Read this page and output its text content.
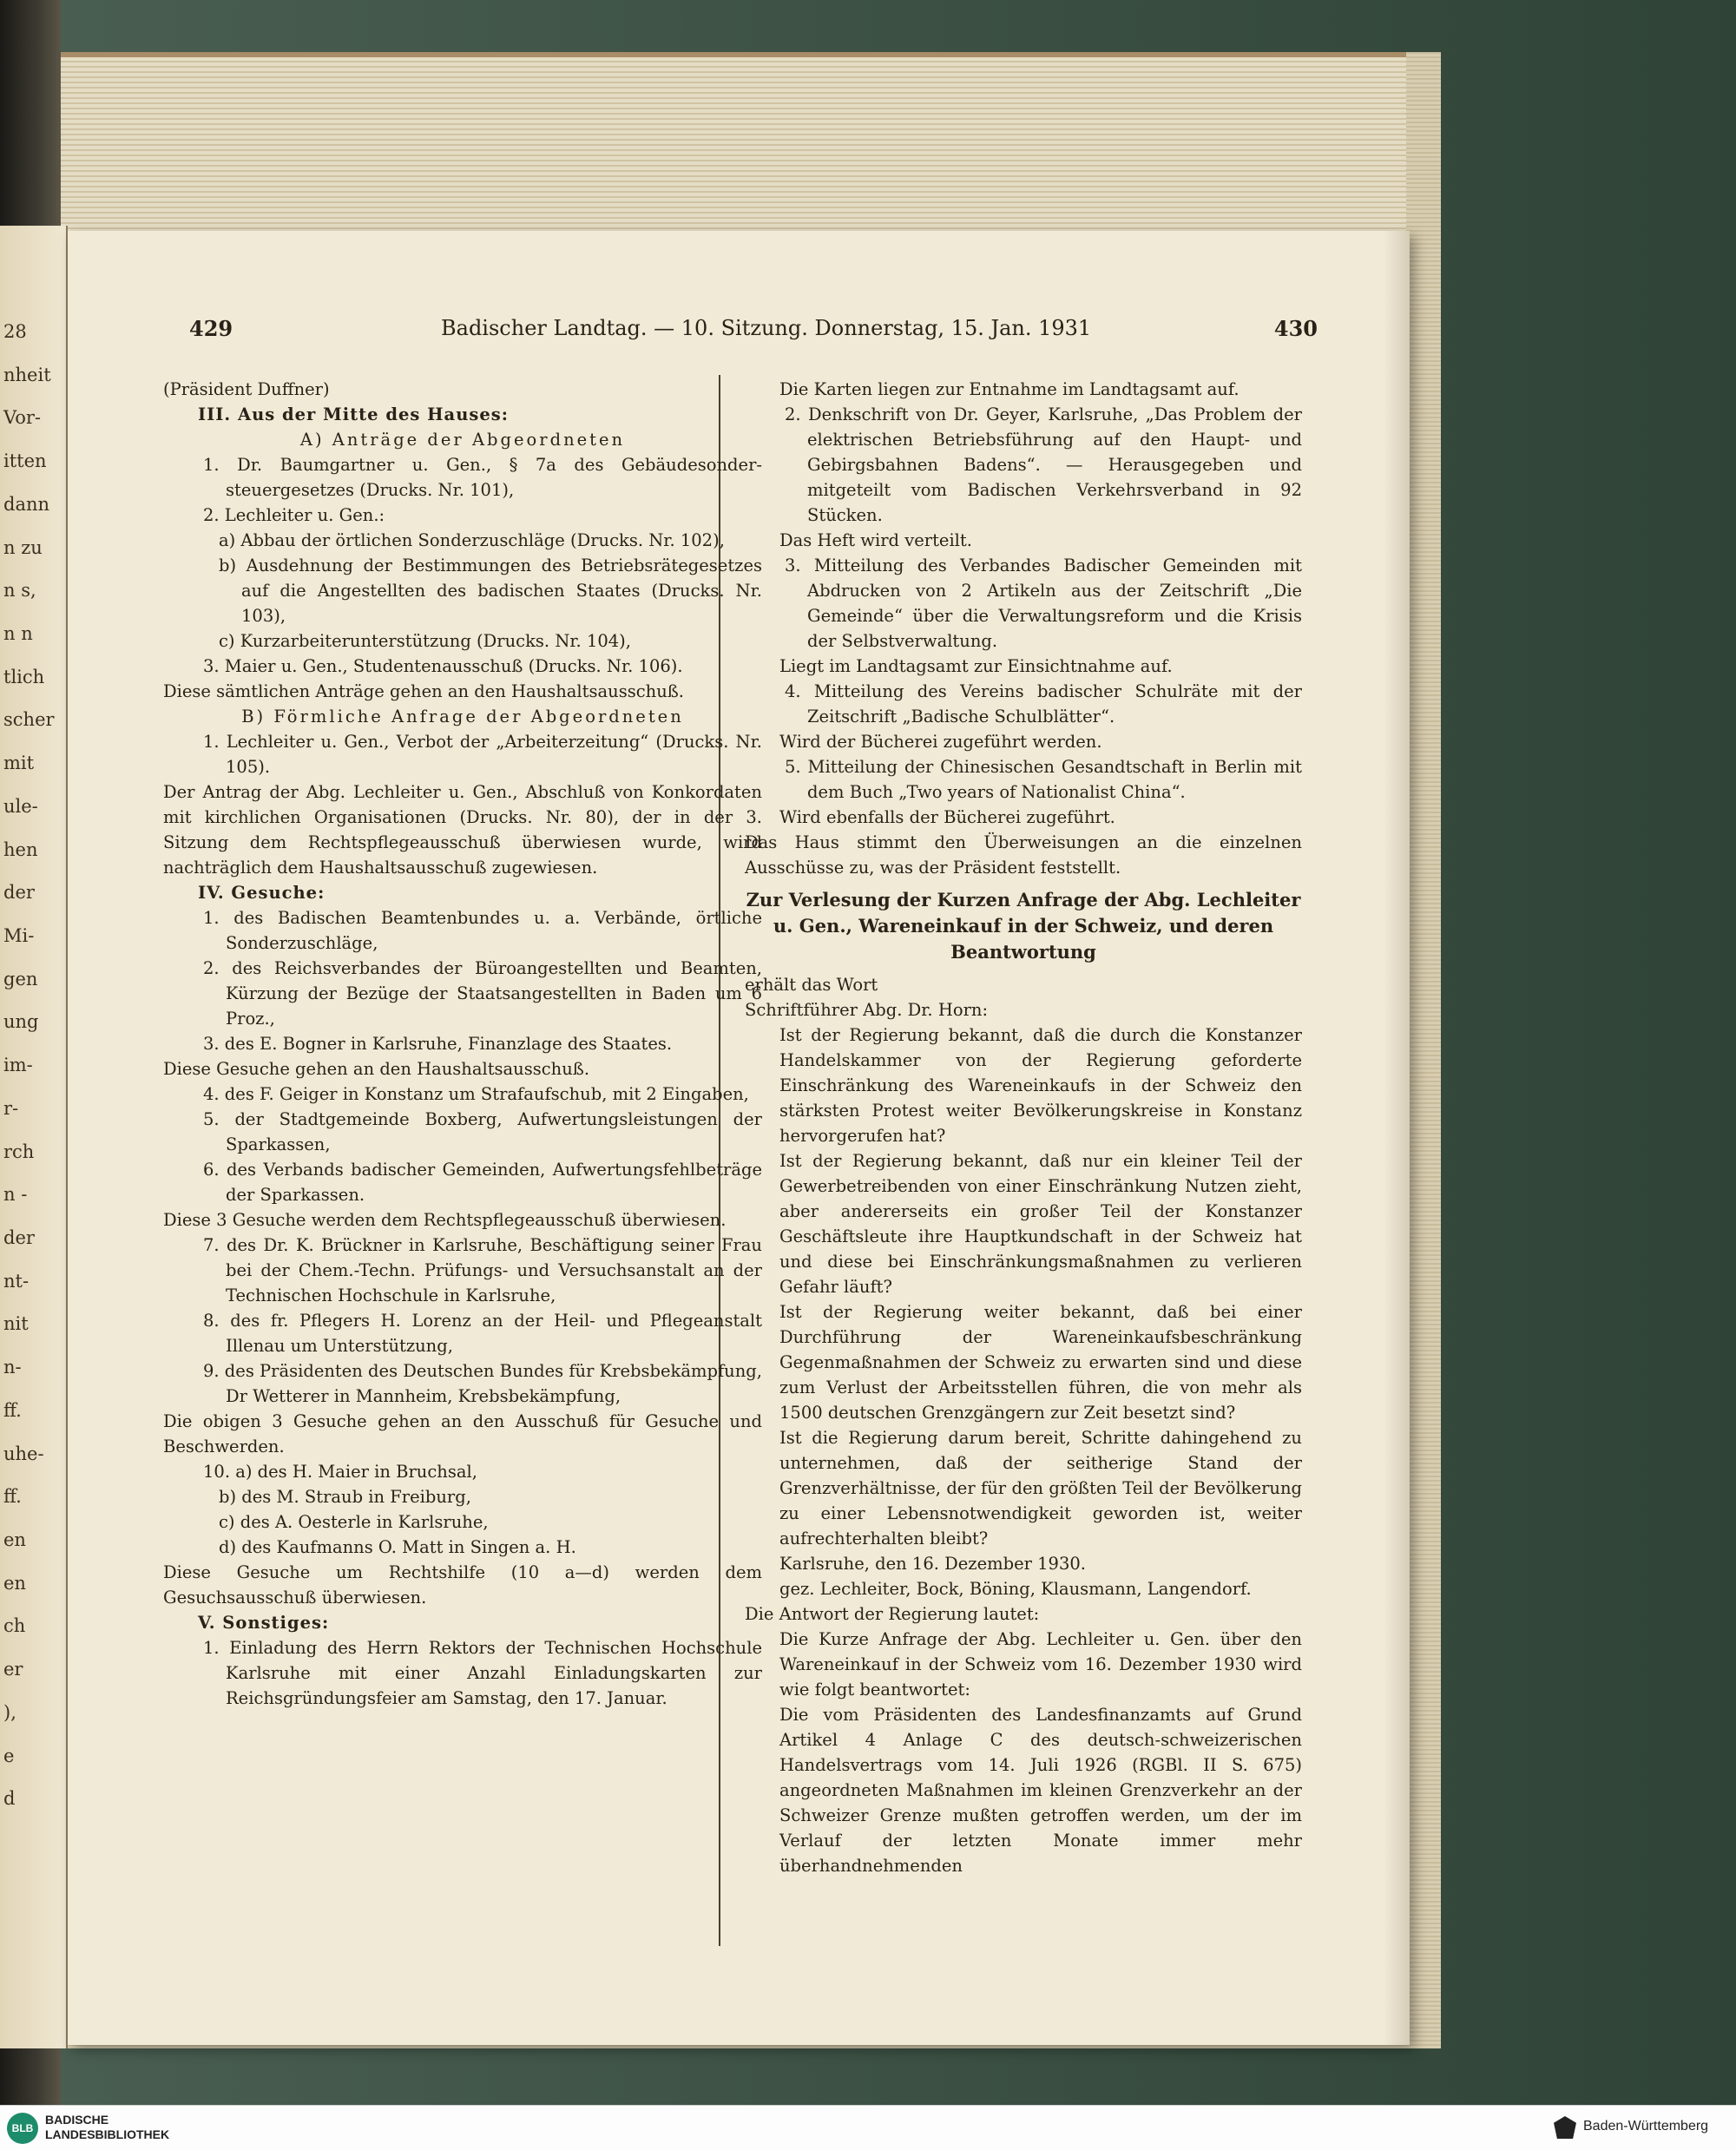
28
nheit
Vor-
itten
dann
n zu
n s,
n n
tlich
scher
mit
ule-
hen
der
Mi-
gen
ung
im-
r-
rch
n -
der
nt-
nit
n-
ff.
uhe-
ff.
en
en
ch
er
),
e
d
429	Badischer Landtag. — 10. Sitzung. Donnerstag, 15. Jan. 1931	430

(Präsident Duffner)

III. Aus der Mitte des Hauses:

A) Anträge der Abgeordneten

1. Dr. Baumgartner u. Gen., § 7a des Gebäudesondersteuergesetzes (Drucks. Nr. 101),

2. Lechleiter u. Gen.:

a) Abbau der örtlichen Sonderzuschläge (Drucks. Nr. 102),

b) Ausdehnung der Bestimmungen des Betriebsrätegesetzes auf die Angestellten des badischen Staates (Drucks. Nr. 103),

c) Kurzarbeiterunterstützung (Drucks. Nr. 104),

3. Maier u. Gen., Studentenausschuß (Drucks. Nr. 106).

Diese sämtlichen Anträge gehen an den Haushaltsausschuß.

B) Förmliche Anfrage der Abgeordneten

1. Lechleiter u. Gen., Verbot der „Arbeiterzeitung“ (Drucks. Nr. 105).

Der Antrag der Abg. Lechleiter u. Gen., Abschluß von Konkordaten mit kirchlichen Organisationen (Drucks. Nr. 80), der in der 3. Sitzung dem Rechtspflegeausschuß überwiesen wurde, wird nachträglich dem Haushaltsausschuß zugewiesen.

IV. Gesuche:

1. des Badischen Beamtenbundes u. a. Verbände, örtliche Sonderzuschläge,

2. des Reichsverbandes der Büroangestellten und Beamten, Kürzung der Bezüge der Staatsangestellten in Baden um 6 Proz.,

3. des E. Bogner in Karlsruhe, Finanzlage des Staates.

Diese Gesuche gehen an den Haushaltsausschuß.

4. des F. Geiger in Konstanz um Strafaufschub, mit 2 Eingaben,

5. der Stadtgemeinde Boxberg, Aufwertungsleistungen der Sparkassen,

6. des Verbands badischer Gemeinden, Aufwertungsfehlbeträge der Sparkassen.

Diese 3 Gesuche werden dem Rechtspflegeausschuß überwiesen.

7. des Dr. K. Brückner in Karlsruhe, Beschäftigung seiner Frau bei der Chem.-Techn. Prüfungs- und Versuchsanstalt an der Technischen Hochschule in Karlsruhe,

8. des fr. Pflegers H. Lorenz an der Heil- und Pflegeanstalt Illenau um Unterstützung,

9. des Präsidenten des Deutschen Bundes für Krebsbekämpfung, Dr Wetterer in Mannheim, Krebsbekämpfung,

Die obigen 3 Gesuche gehen an den Ausschuß für Gesuche und Beschwerden.

10. a) des H. Maier in Bruchsal,

b) des M. Straub in Freiburg,

c) des A. Oesterle in Karlsruhe,

d) des Kaufmanns O. Matt in Singen a. H.

Diese Gesuche um Rechtshilfe (10 a—d) werden dem Gesuchsausschuß überwiesen.

V. Sonstiges:

1. Einladung des Herrn Rektors der Technischen Hochschule Karlsruhe mit einer Anzahl Einladungskarten zur Reichsgründungsfeier am Samstag, den 17. Januar.

Die Karten liegen zur Entnahme im Landtagsamt auf.

2. Denkschrift von Dr. Geyer, Karlsruhe, „Das Problem der elektrischen Betriebsführung auf den Haupt- und Gebirgsbahnen Badens“. — Herausgegeben und mitgeteilt vom Badischen Verkehrsverband in 92 Stücken.

Das Heft wird verteilt.

3. Mitteilung des Verbandes Badischer Gemeinden mit Abdrucken von 2 Artikeln aus der Zeitschrift „Die Gemeinde“ über die Verwaltungsreform und die Krisis der Selbstverwaltung.

Liegt im Landtagsamt zur Einsichtnahme auf.

4. Mitteilung des Vereins badischer Schulräte mit der Zeitschrift „Badische Schulblätter“.

Wird der Bücherei zugeführt werden.

5. Mitteilung der Chinesischen Gesandtschaft in Berlin mit dem Buch „Two years of Nationalist China“.

Wird ebenfalls der Bücherei zugeführt.

Das Haus stimmt den Überweisungen an die einzelnen Ausschüsse zu, was der Präsident feststellt.

Zur Verlesung der Kurzen Anfrage der Abg. Lechleiter u. Gen., Wareneinkauf in der Schweiz, und deren Beantwortung

erhält das Wort

Schriftführer Abg. Dr. Horn:

Ist der Regierung bekannt, daß die durch die Konstanzer Handelskammer von der Regierung geforderte Einschränkung des Wareneinkaufs in der Schweiz den stärksten Protest weiter Bevölkerungskreise in Konstanz hervorgerufen hat?

Ist der Regierung bekannt, daß nur ein kleiner Teil der Gewerbetreibenden von einer Einschränkung Nutzen zieht, aber andererseits ein großer Teil der Konstanzer Geschäftsleute ihre Hauptkundschaft in der Schweiz hat und diese bei Einschränkungsmaßnahmen zu verlieren Gefahr läuft?

Ist der Regierung weiter bekannt, daß bei einer Durchführung der Wareneinkaufsbeschränkung Gegenmaßnahmen der Schweiz zu erwarten sind und diese zum Verlust der Arbeitsstellen führen, die von mehr als 1500 deutschen Grenzgängern zur Zeit besetzt sind?

Ist die Regierung darum bereit, Schritte dahingehend zu unternehmen, daß der seitherige Stand der Grenzverhältnisse, der für den größten Teil der Bevölkerung zu einer Lebensnotwendigkeit geworden ist, weiter aufrechterhalten bleibt?

Karlsruhe, den 16. Dezember 1930.

gez. Lechleiter, Bock, Böning, Klausmann, Langendorf.

Die Antwort der Regierung lautet:

Die Kurze Anfrage der Abg. Lechleiter u. Gen. über den Wareneinkauf in der Schweiz vom 16. Dezember 1930 wird wie folgt beantwortet:

Die vom Präsidenten des Landesfinanzamts auf Grund Artikel 4 Anlage C des deutsch-schweizerischen Handelsvertrags vom 14. Juli 1926 (RGBl. II S. 675) angeordneten Maßnahmen im kleinen Grenzverkehr an der Schweizer Grenze mußten getroffen werden, um der im Verlauf der letzten Monate immer mehr überhandnehmenden

BLB
BADISCHE
LANDESBIBLIOTHEK
Baden-Württemberg
